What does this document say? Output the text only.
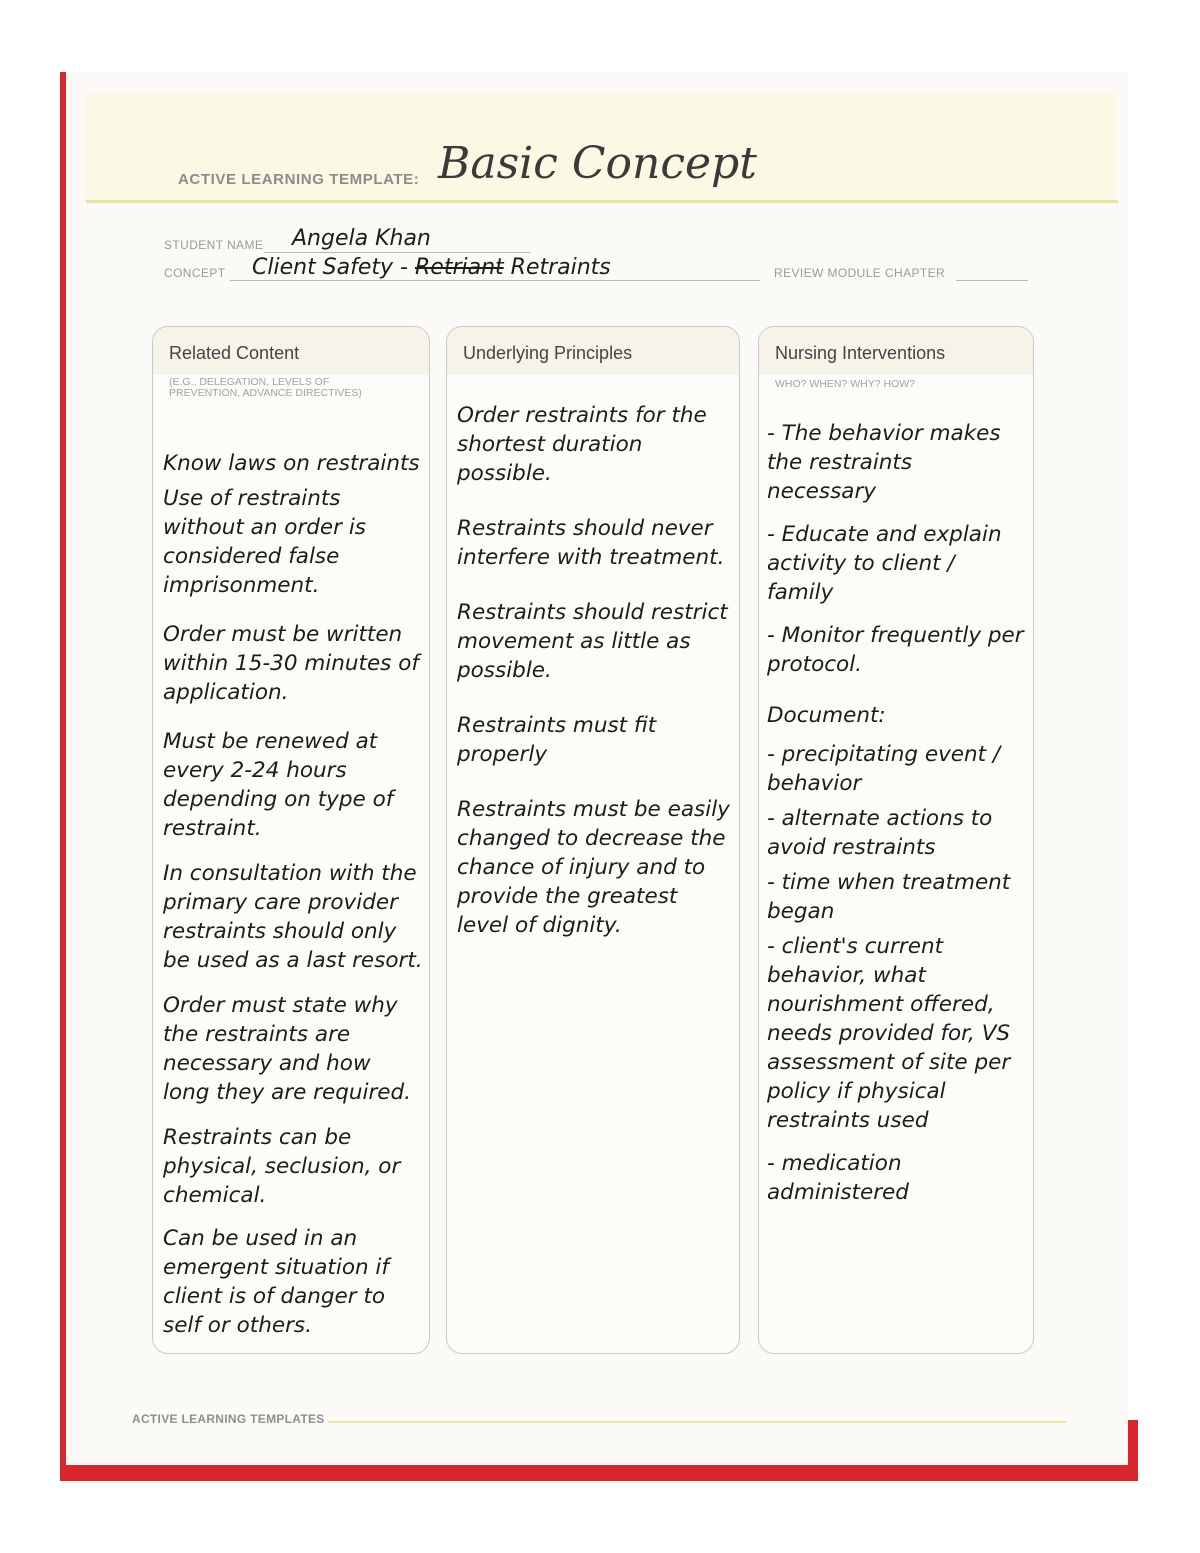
ACTIVE LEARNING TEMPLATE: Basic Concept
STUDENT NAME Angela Khan
CONCEPT Client Safety - Retriant Retraints	REVIEW MODULE CHAPTER
Related Content
(E.G., DELEGATION, LEVELS OF PREVENTION, ADVANCE DIRECTIVES)
Know laws on restraints
Use of restraints without an order is considered false imprisonment.
Order must be written within 15-30 minutes of application.
Must be renewed at every 2-24 hours depending on type of restraint.
In consultation with the primary care provider restraints should only be used as a last resort.
Order must state why the restraints are necessary and how long they are required.
Restraints can be physical, seclusion, or chemical.
Can be used in an emergent situation if client is of danger to self or others.
Underlying Principles
Order restraints for the shortest duration possible.
Restraints should never interfere with treatment.
Restraints should restrict movement as little as possible.
Restraints must fit properly
Restraints must be easily changed to decrease the chance of injury and to provide the greatest level of dignity.
Nursing Interventions
WHO? WHEN? WHY? HOW?
- The behavior makes the restraints necessary
- Educate and explain activity to client / family
- Monitor frequently per protocol.
Document:
- precipitating event / behavior
- alternate actions to avoid restraints
- time when treatment began
- client's current behavior, what nourishment offered, needs provided for, VS assessment of site per policy if physical restraints used
- medication administered
ACTIVE LEARNING TEMPLATES
